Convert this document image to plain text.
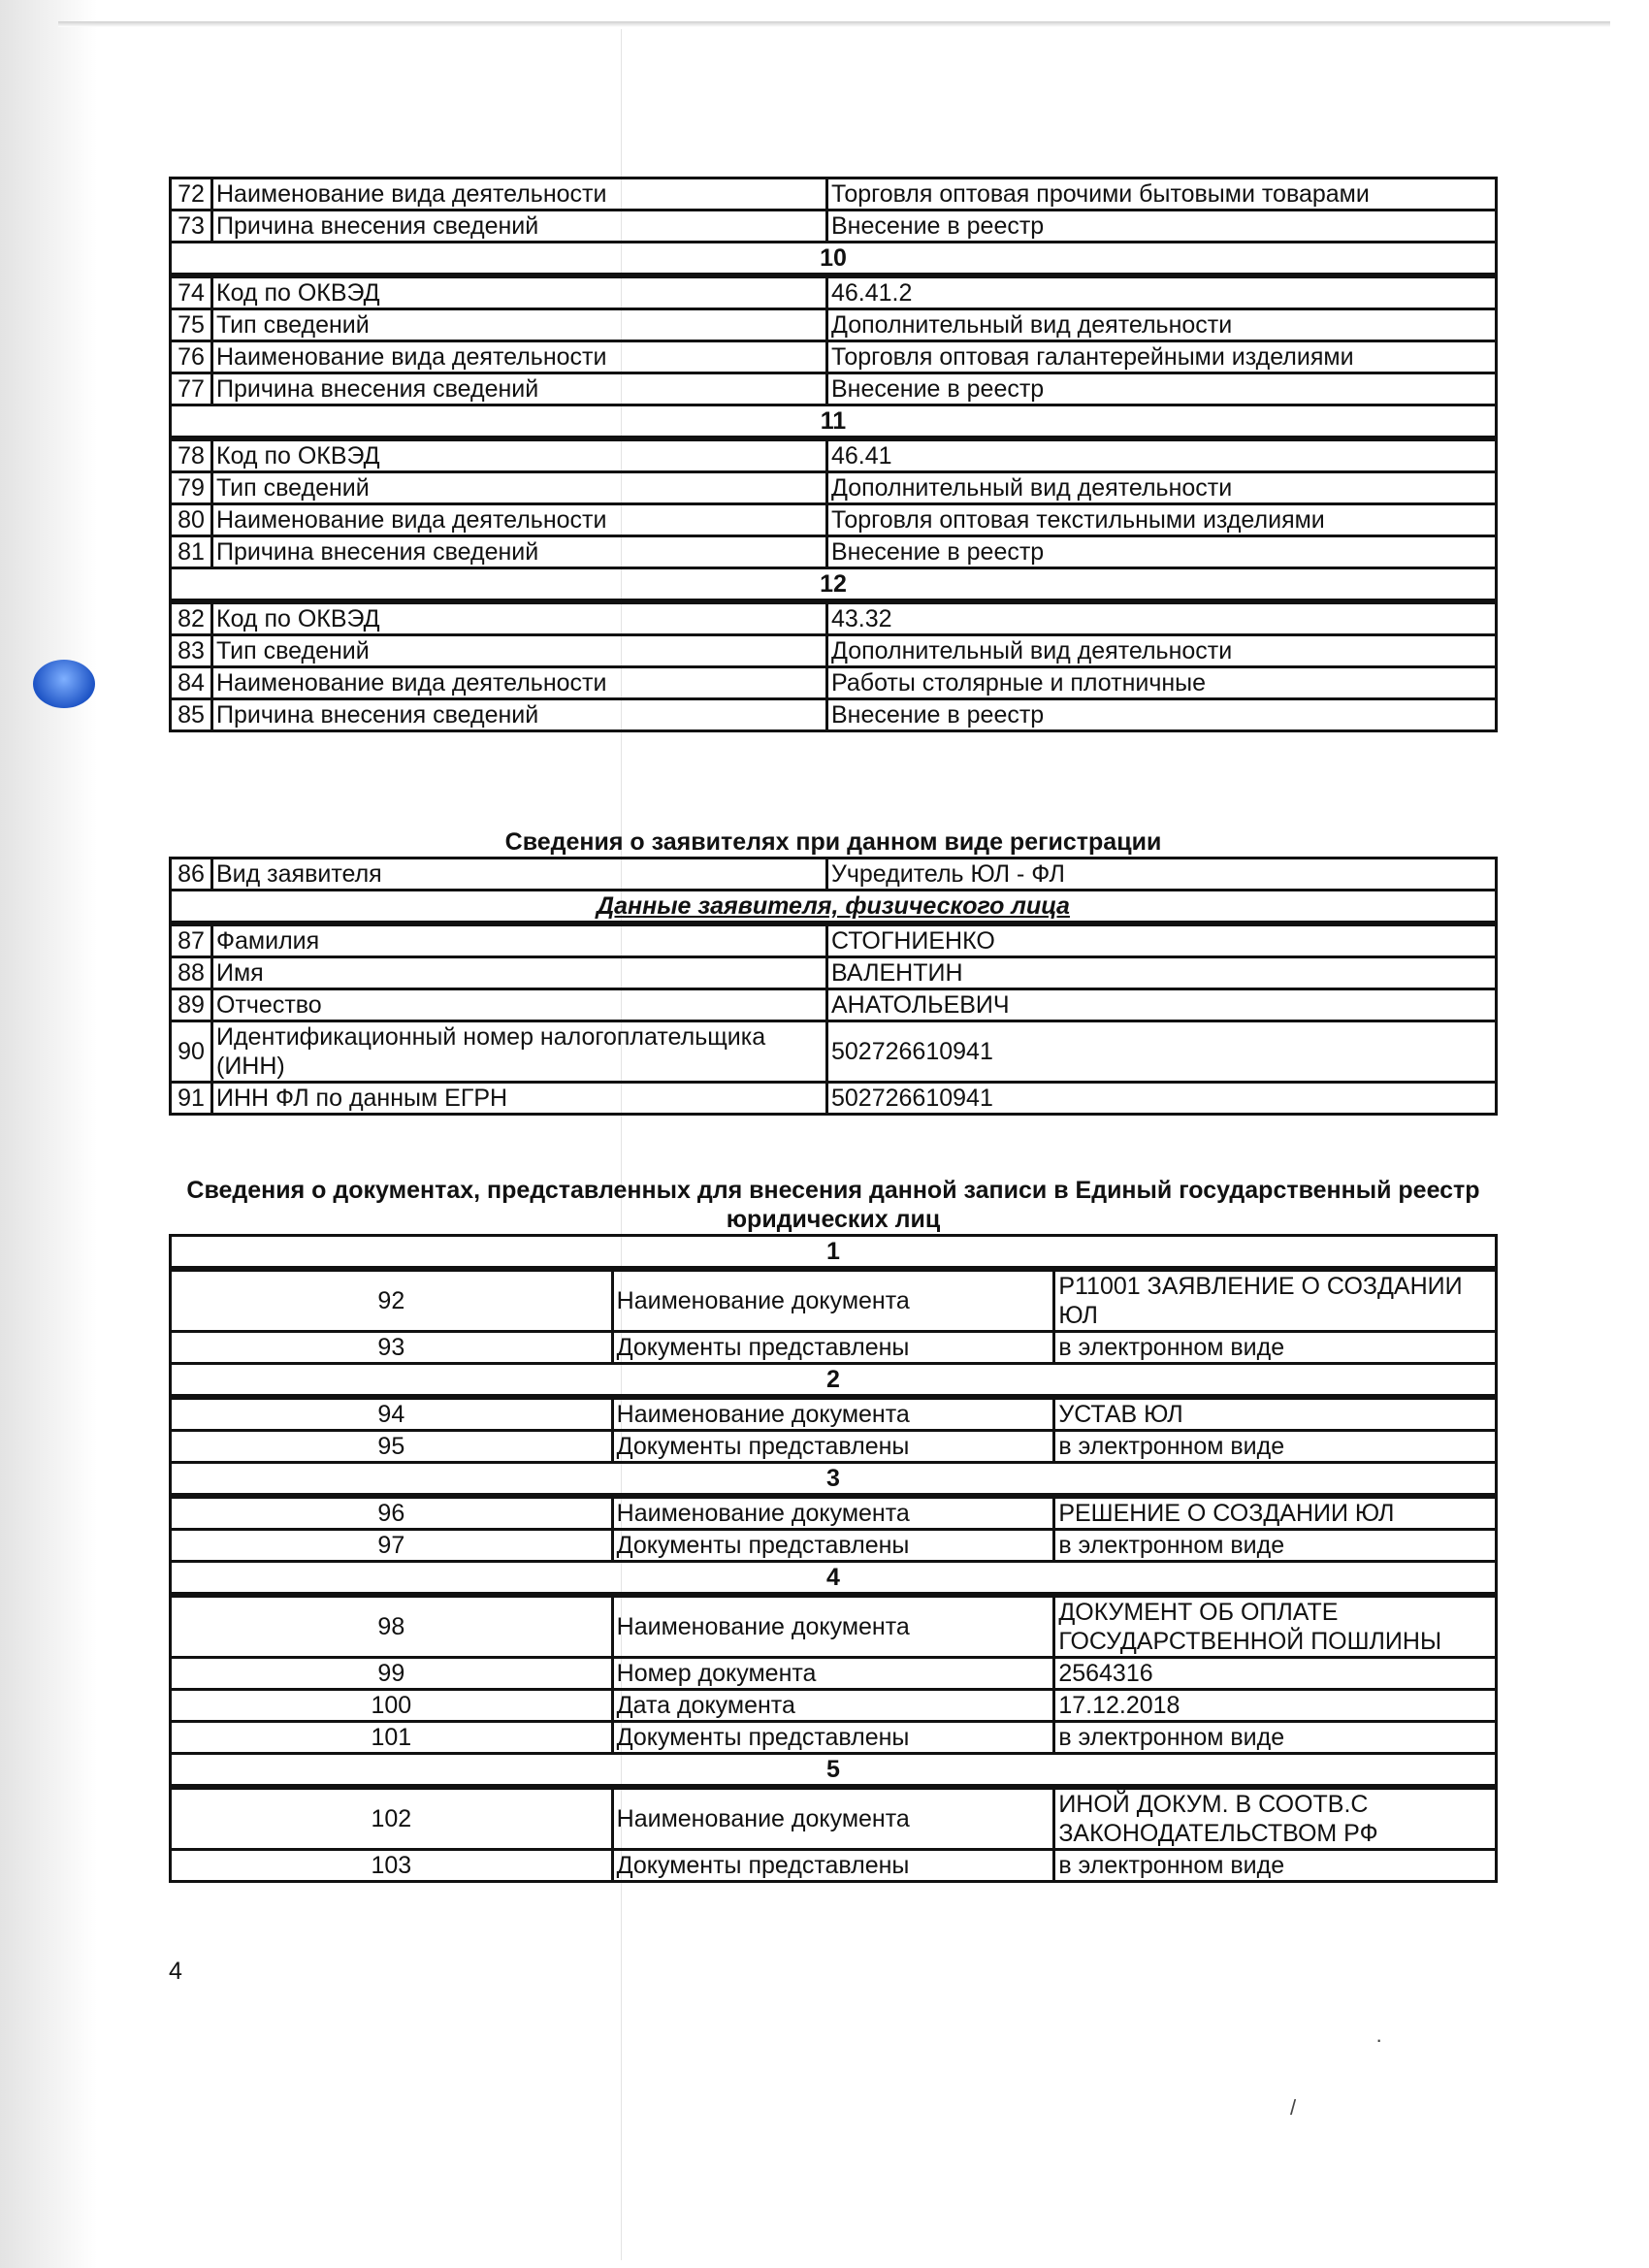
72	Наименование вида деятельности	Торговля оптовая прочими бытовыми товарами
73	Причина внесения сведений	Внесение в реестр
10		
74	Код по ОКВЭД	46.41.2
75	Тип сведений	Дополнительный вид деятельности
76	Наименование вида деятельности	Торговля оптовая галантерейными изделиями
77	Причина внесения сведений	Внесение в реестр
11		
78	Код по ОКВЭД	46.41
79	Тип сведений	Дополнительный вид деятельности
80	Наименование вида деятельности	Торговля оптовая текстильными изделиями
81	Причина внесения сведений	Внесение в реестр
12		
82	Код по ОКВЭД	43.32
83	Тип сведений	Дополнительный вид деятельности
84	Наименование вида деятельности	Работы столярные и плотничные
85	Причина внесения сведений	Внесение в реестр
Сведения о заявителях при данном виде регистрации
86	Вид заявителя	Учредитель ЮЛ - ФЛ
Данные заявителя, физического лица		
87	Фамилия	СТОГНИЕНКО
88	Имя	ВАЛЕНТИН
89	Отчество	АНАТОЛЬЕВИЧ
90	Идентификационный номер налогоплательщика (ИНН)	502726610941
91	ИНН ФЛ по данным ЕГРН	502726610941
Сведения о документах, представленных для внесения данной записи в Единый государственный реестр юридических лиц
1		
92	Наименование документа	Р11001 ЗАЯВЛЕНИЕ О СОЗДАНИИ ЮЛ
93	Документы представлены	в электронном виде
2		
94	Наименование документа	УСТАВ ЮЛ
95	Документы представлены	в электронном виде
3		
96	Наименование документа	РЕШЕНИЕ О СОЗДАНИИ ЮЛ
97	Документы представлены	в электронном виде
4		
98	Наименование документа	ДОКУМЕНТ ОБ ОПЛАТЕ ГОСУДАРСТВЕННОЙ ПОШЛИНЫ
99	Номер документа	2564316
100	Дата документа	17.12.2018
101	Документы представлены	в электронном виде
5		
102	Наименование документа	ИНОЙ ДОКУМ. В СООТВ.С ЗАКОНОДАТЕЛЬСТВОМ РФ
103	Документы представлены	в электронном виде
4
·
/
